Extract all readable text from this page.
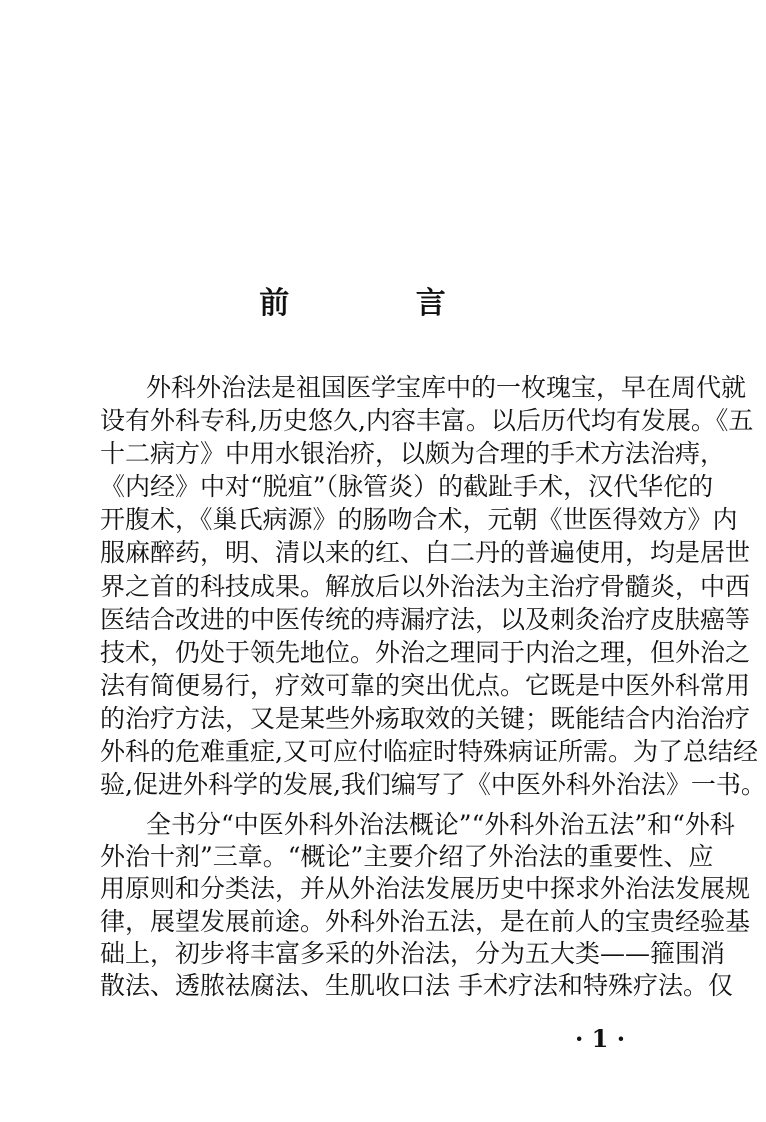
前 言
外科外治法是祖国医学宝库中的一枚瑰宝，早在周代就
设有外科专科,历史悠久,内容丰富。以后历代均有发展。《五
十二病方》中用水银治疥，以颇为合理的手术方法治痔，
《内经》中对“脱疽”（脉管炎）的截趾手术，汉代华佗的
开腹术，《巢氏病源》的肠吻合术，元朝《世医得效方》内
服麻醉药，明、清以来的红、白二丹的普遍使用，均是居世
界之首的科技成果。解放后以外治法为主治疗骨髓炎，中西
医结合改进的中医传统的痔漏疗法，以及刺灸治疗皮肤癌等
技术，仍处于领先地位。外治之理同于内治之理，但外治之
法有简便易行，疗效可靠的突出优点。它既是中医外科常用
的治疗方法，又是某些外疡取效的关键；既能结合内治治疗
外科的危难重症,又可应付临症时特殊病证所需。为了总结经
验,促进外科学的发展,我们编写了《中医外科外治法》一书。
全书分“中医外科外治法概论”“外科外治五法”和“外科
外治十剂”三章。“概论”主要介绍了外治法的重要性、应
用原则和分类法，并从外治法发展历史中探求外治法发展规
律，展望发展前途。外科外治五法，是在前人的宝贵经验基
础上，初步将丰富多采的外治法，分为五大类——箍围消
散法、透脓祛腐法、生肌收口法 手术疗法和特殊疗法。仅
· 1 ·
